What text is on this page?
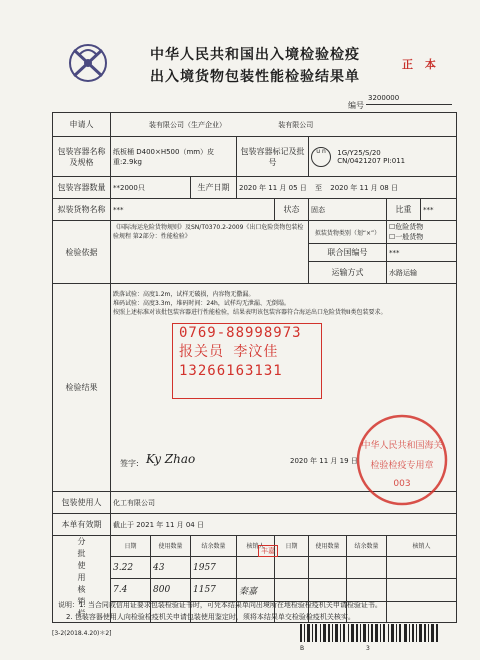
中华人民共和国出入境检验检疫
出入境货物包装性能检验结果单
正 本
编号
3200000
申请人	装有限公司（生产企业） 装有限公司								
包装容器名称及规格	纸板桶 D400×H500（mm）皮重:2.9kg			包装容器标记及批号		u n 1G/Y25/S/20 CN/0421207 PI:011			
包装容器数量	**2000只		生产日期	2020 年 11 月 05 日 至 2020 年 11 月 08 日					
拟装货物名称	***				状态	固态		比重	***
检验依据	《国际海运危险货物规则》及SN/T0370.2-2009《出口危险货物包装检验规程 第2部分：性能检验》					拟装货物类别（划“×”）		☐危险货物
☐一般货物	

						联合国编号		***	
						运输方式		水路运输	
检验结果	跌落试验：高度1.2m，试样无破损，内容物无撒漏。
堆码试验：高度3.3m，堆码时间：24h，试样均无泄漏、无倒塌。
按照上述标准对该批包装容器进行性能检验，结果表明该包装容器符合海运出口危险货物II类包装要求。								

包装使用人	化工有限公司								
本单有效期	截止于 2021 年 11 月 04 日								
分批使用核销栏	日期	使用数量	结余数量	核销人	日期	使用数量	结余数量	核销人	
	3.22	43	1957						
	7.4	800	1157	秦嘉					

0769-88998973
报关员 李汶佳
13266163131
签字: Ky Zhao	2020 年 11 月 19 日
中华人民共和国海关
检验检疫专用章
003
丰嘉
说明：1. 当合同或信用证要求包装检验证书时，可凭本结果单向出境所在地检验检疫机关申请检验证书。
2. 包装容器使用人向检验检疫机关申请包装使用鉴定时，须将本结果单交检验检疫机关核实。
[3-2(2018.4.20)＊2]
B 3
